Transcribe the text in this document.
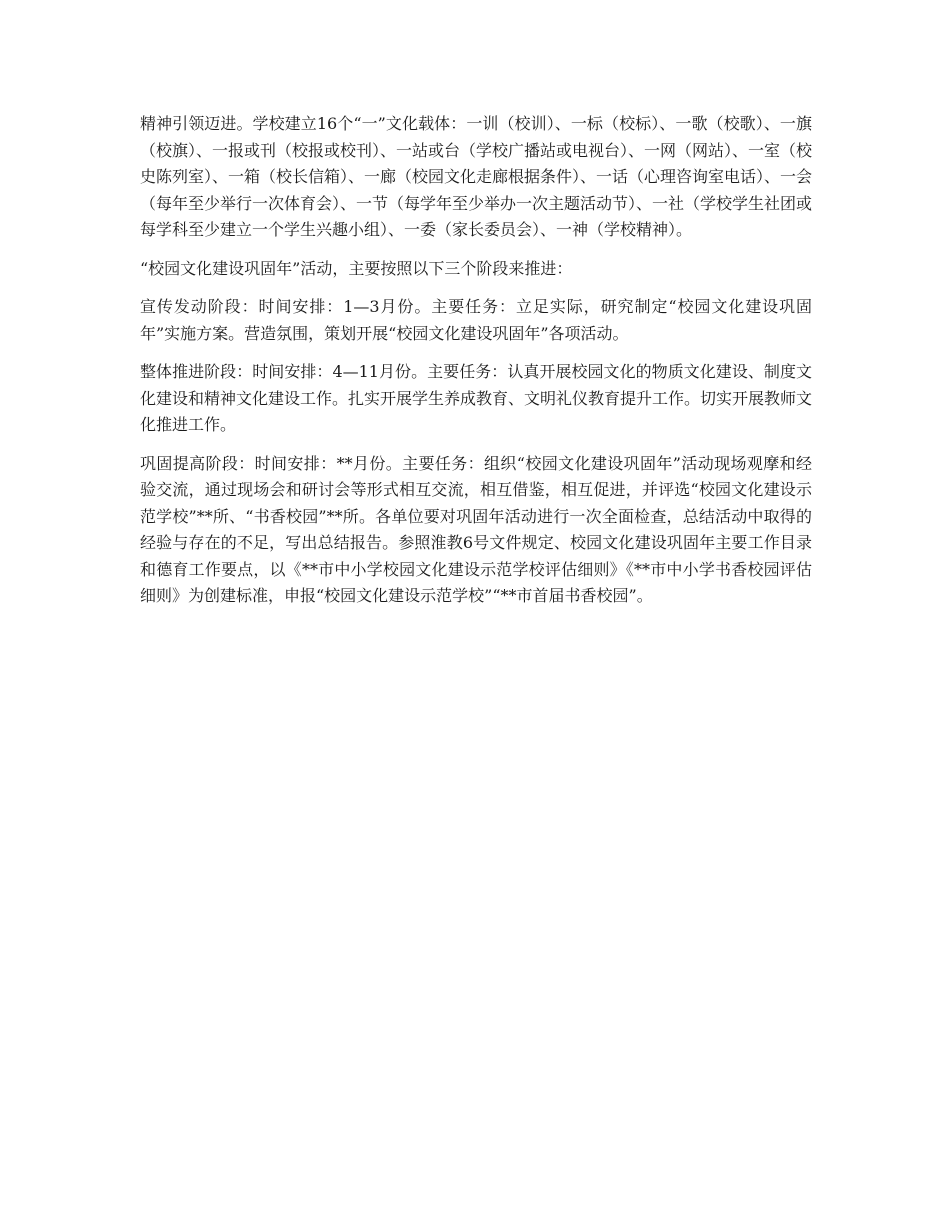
精神引领迈进。学校建立16个“一”文化载体：一训（校训）、一标（校标）、一歌（校歌）、一旗（校旗）、一报或刊（校报或校刊）、一站或台（学校广播站或电视台）、一网（网站）、一室（校史陈列室）、一箱（校长信箱）、一廊（校园文化走廊根据条件）、一话（心理咨询室电话）、一会（每年至少举行一次体育会）、一节（每学年至少举办一次主题活动节）、一社（学校学生社团或每学科至少建立一个学生兴趣小组）、一委（家长委员会）、一神（学校精神）。

“校园文化建设巩固年”活动，主要按照以下三个阶段来推进：

宣传发动阶段：时间安排：1—3月份。主要任务：立足实际，研究制定“校园文化建设巩固年”实施方案。营造氛围，策划开展“校园文化建设巩固年”各项活动。

整体推进阶段：时间安排：4—11月份。主要任务：认真开展校园文化的物质文化建设、制度文化建设和精神文化建设工作。扎实开展学生养成教育、文明礼仪教育提升工作。切实开展教师文化推进工作。

巩固提高阶段：时间安排：**月份。主要任务：组织“校园文化建设巩固年”活动现场观摩和经验交流，通过现场会和研讨会等形式相互交流，相互借鉴，相互促进，并评选“校园文化建设示范学校”**所、“书香校园”**所。各单位要对巩固年活动进行一次全面检查，总结活动中取得的经验与存在的不足，写出总结报告。参照淮教6号文件规定、校园文化建设巩固年主要工作目录和德育工作要点，以《**市中小学校园文化建设示范学校评估细则》《**市中小学书香校园评估细则》为创建标准，申报“校园文化建设示范学校”“**市首届书香校园”。
